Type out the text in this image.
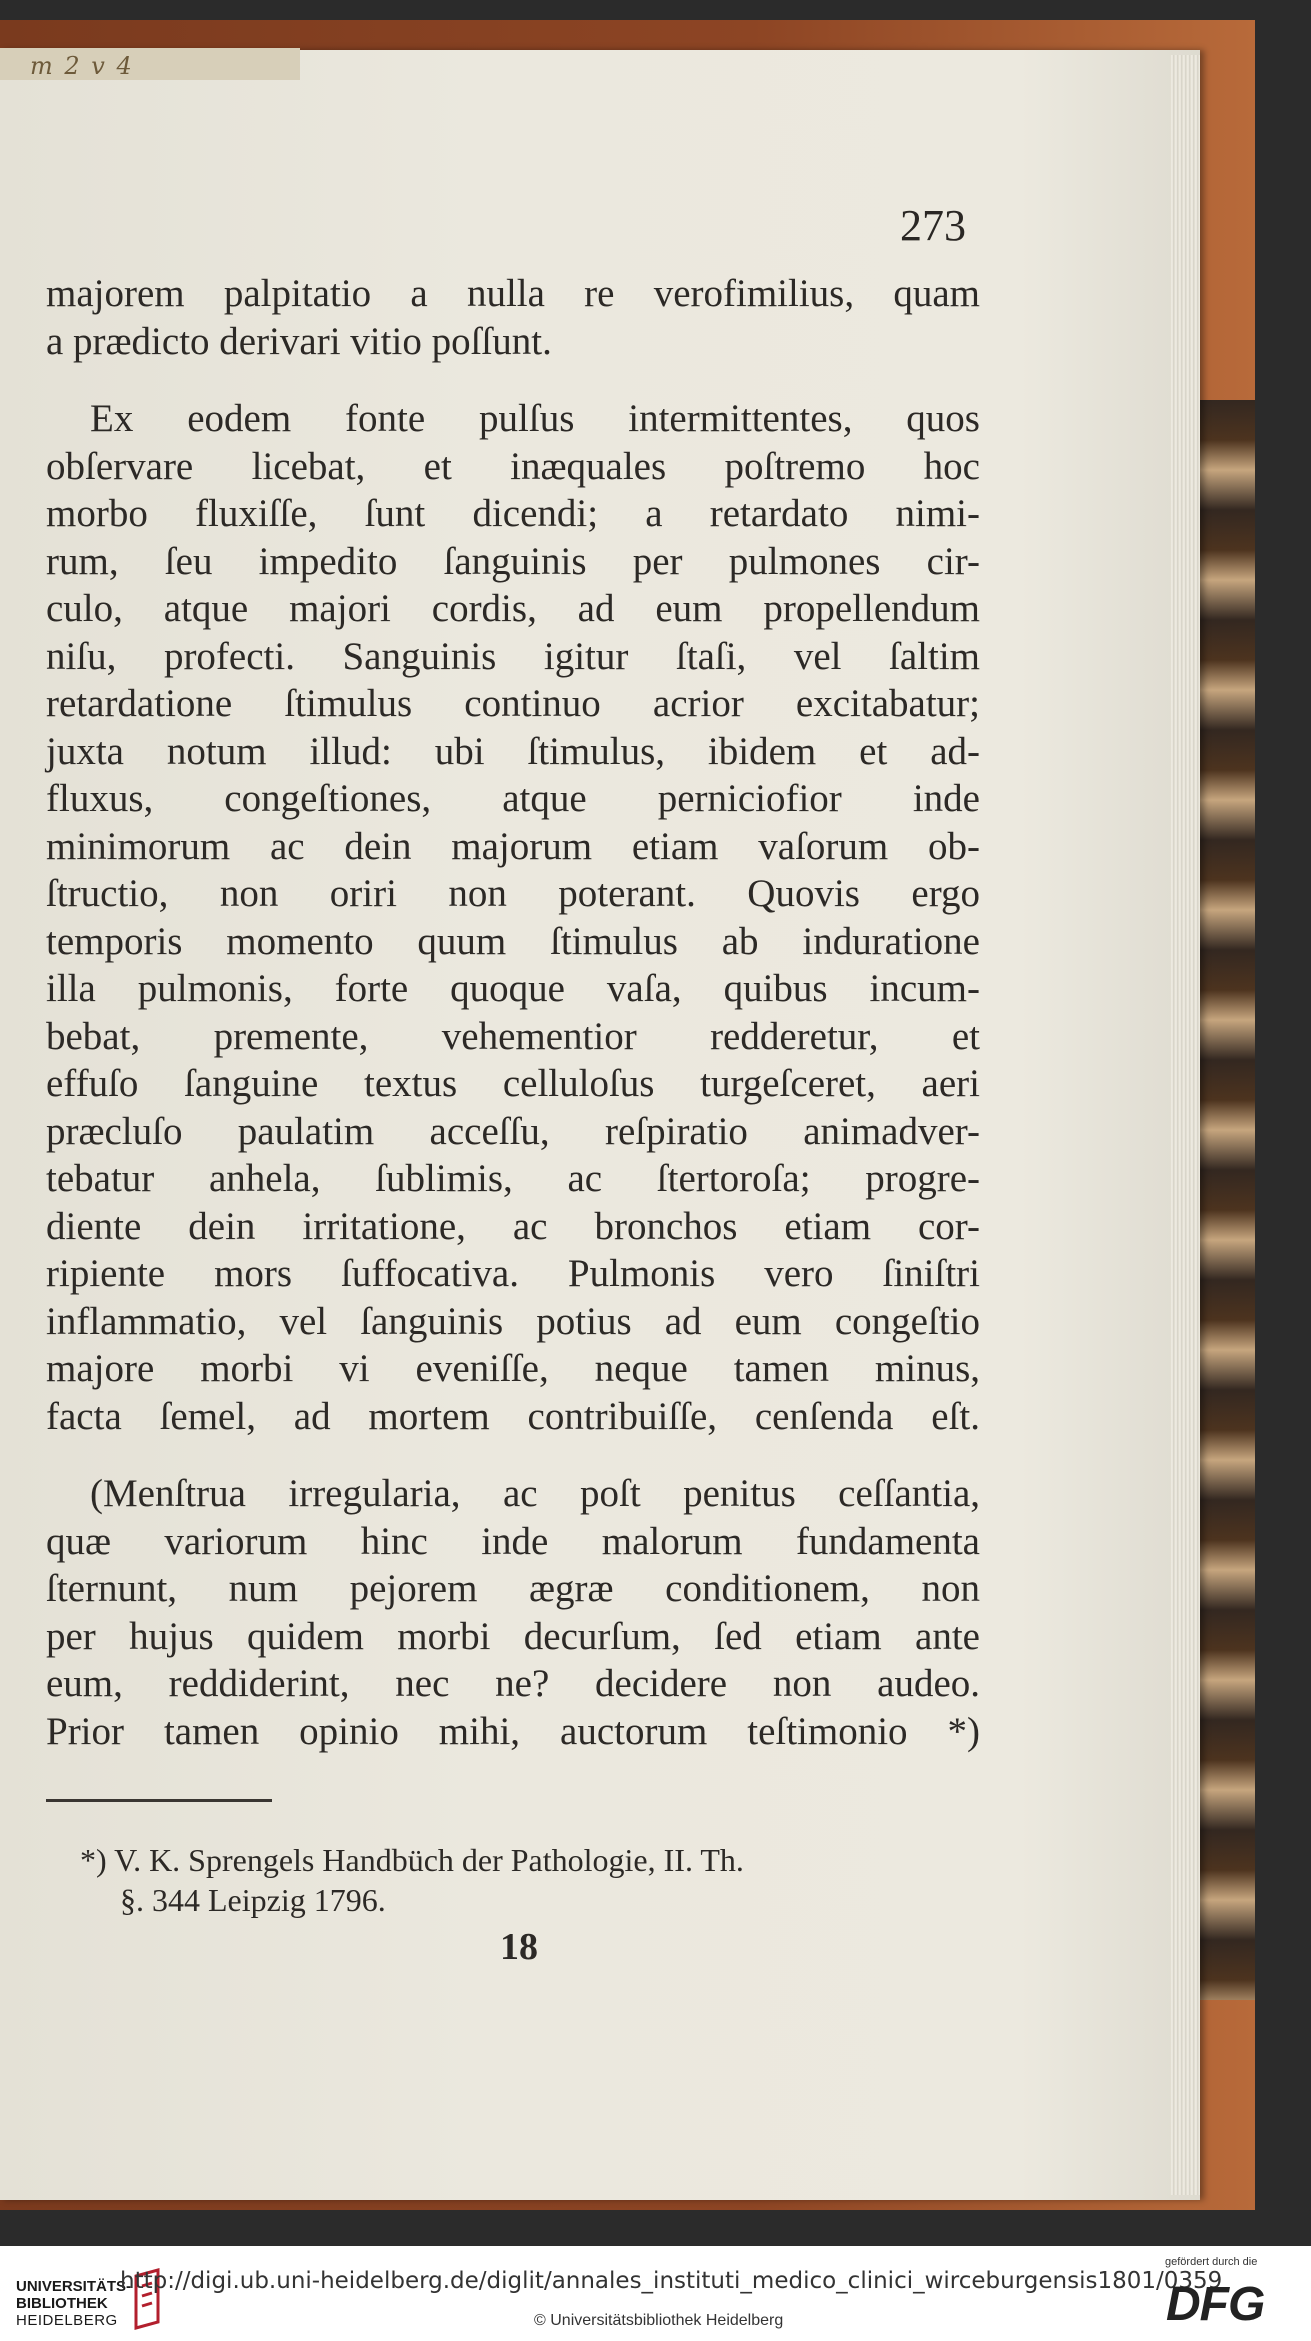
m 2 v 4
273
majorem palpitatio a nulla re verofimilius, quam
a prædicto derivari vitio poſſunt.
Ex eodem fonte pulſus intermittentes, quos
obſervare licebat, et inæquales poſtremo hoc
morbo fluxiſſe, ſunt dicendi; a retardato nimi-
rum, ſeu impedito ſanguinis per pulmones cir-
culo, atque majori cordis, ad eum propellendum
niſu, profecti. Sanguinis igitur ſtaſi, vel ſaltim
retardatione ſtimulus continuo acrior excitabatur;
juxta notum illud: ubi ſtimulus, ibidem et ad-
fluxus, congeſtiones, atque perniciofior inde
minimorum ac dein majorum etiam vaſorum ob-
ſtructio, non oriri non poterant. Quovis ergo
temporis momento quum ſtimulus ab induratione
illa pulmonis, forte quoque vaſa, quibus incum-
bebat, premente, vehementior redderetur, et
effuſo ſanguine textus celluloſus turgeſceret, aeri
præcluſo paulatim acceſſu, reſpiratio animadver-
tebatur anhela, ſublimis, ac ſtertoroſa; progre-
diente dein irritatione, ac bronchos etiam cor-
ripiente mors ſuffocativa. Pulmonis vero ſiniſtri
inflammatio, vel ſanguinis potius ad eum congeſtio
majore morbi vi eveniſſe, neque tamen minus,
facta ſemel, ad mortem contribuiſſe, cenſenda eſt.
(Menſtrua irregularia, ac poſt penitus ceſſantia,
quæ variorum hinc inde malorum fundamenta
ſternunt, num pejorem ægræ conditionem, non
per hujus quidem morbi decurſum, ſed etiam ante
eum, reddiderint, nec ne? decidere non audeo.
Prior tamen opinio mihi, auctorum teſtimonio *)
*) V. K. Sprengels Handbüch der Pathologie, II. Th.
§. 344 Leipzig 1796.
18
UNIVERSITÄTS-
BIBLIOTHEK
HEIDELBERG
http://digi.ub.uni-heidelberg.de/diglit/annales_instituti_medico_clinici_wirceburgensis1801/0359
© Universitätsbibliothek Heidelberg
gefördert durch die
DFG
